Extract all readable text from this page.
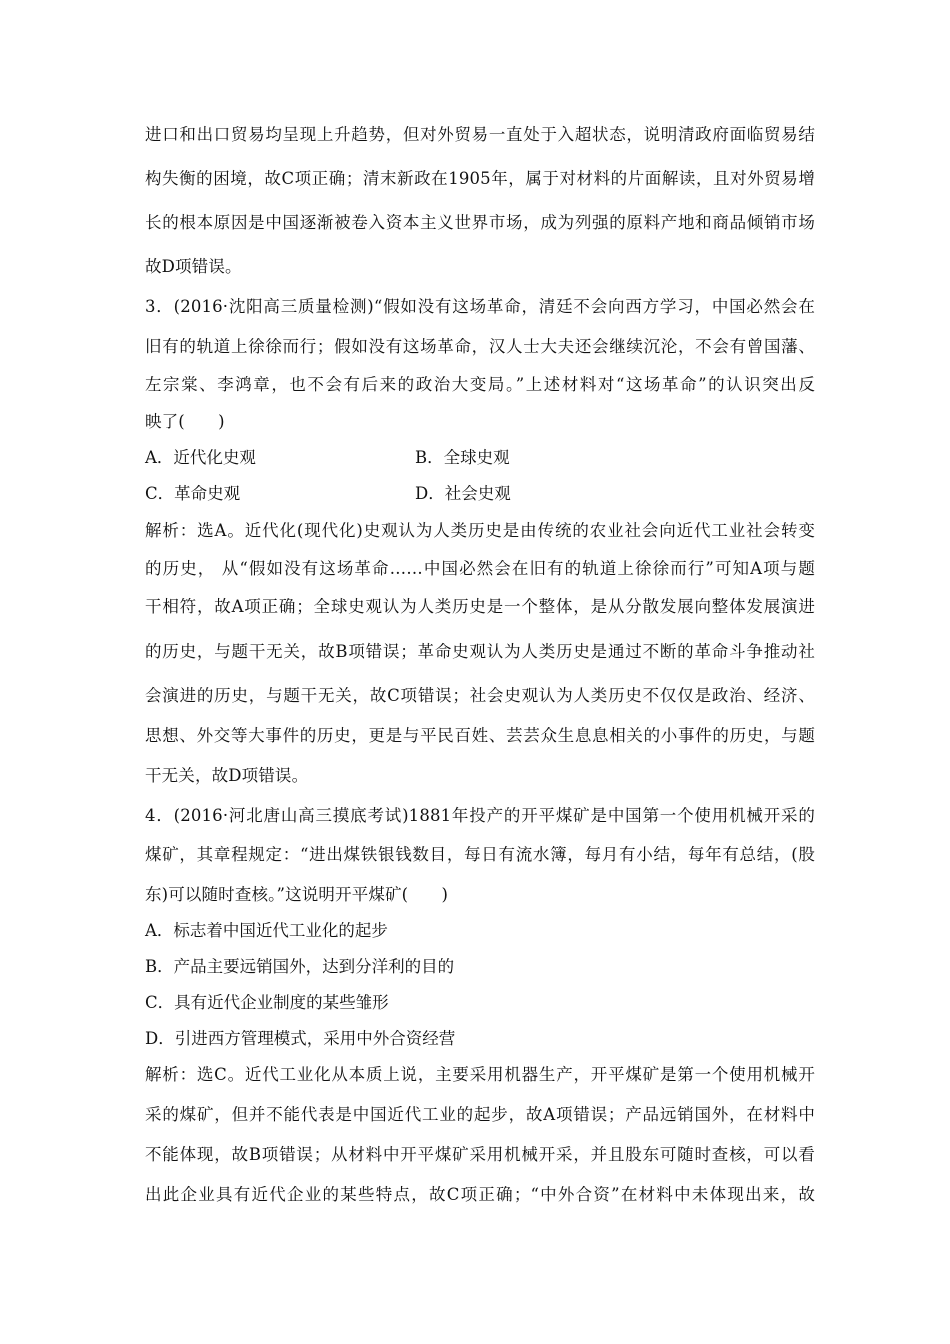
进口和出口贸易均呈现上升趋势，但对外贸易一直处于入超状态，说明清政府面临贸易结
构失衡的困境，故C项正确；清末新政在1905年，属于对材料的片面解读，且对外贸易增
长的根本原因是中国逐渐被卷入资本主义世界市场，成为列强的原料产地和商品倾销市场
故D项错误。
3．(2016·沈阳高三质量检测)“假如没有这场革命，清廷不会向西方学习，中国必然会在
旧有的轨道上徐徐而行；假如没有这场革命，汉人士大夫还会继续沉沦，不会有曾国藩、
左宗棠、李鸿章，也不会有后来的政治大变局。”上述材料对“这场革命”的认识突出反
映了(　　)
A．近代化史观	B．全球史观
C．革命史观	D．社会史观
解析：选A。近代化(现代化)史观认为人类历史是由传统的农业社会向近代工业社会转变
的历史， 从“假如没有这场革命……中国必然会在旧有的轨道上徐徐而行”可知A项与题
干相符，故A项正确；全球史观认为人类历史是一个整体，是从分散发展向整体发展演进
的历史，与题干无关，故B项错误；革命史观认为人类历史是通过不断的革命斗争推动社
会演进的历史，与题干无关，故C项错误；社会史观认为人类历史不仅仅是政治、经济、
思想、外交等大事件的历史，更是与平民百姓、芸芸众生息息相关的小事件的历史，与题
干无关，故D项错误。
4．(2016·河北唐山高三摸底考试)1881年投产的开平煤矿是中国第一个使用机械开采的
煤矿，其章程规定：“进出煤铁银钱数目，每日有流水簿，每月有小结，每年有总结，(股
东)可以随时查核。”这说明开平煤矿(　　)
A．标志着中国近代工业化的起步
B．产品主要远销国外，达到分洋利的目的
C．具有近代企业制度的某些雏形
D．引进西方管理模式，采用中外合资经营
解析：选C。近代工业化从本质上说，主要采用机器生产，开平煤矿是第一个使用机械开
采的煤矿，但并不能代表是中国近代工业的起步，故A项错误；产品远销国外，在材料中
不能体现，故B项错误；从材料中开平煤矿采用机械开采，并且股东可随时查核，可以看
出此企业具有近代企业的某些特点，故C项正确；“中外合资”在材料中未体现出来，故
